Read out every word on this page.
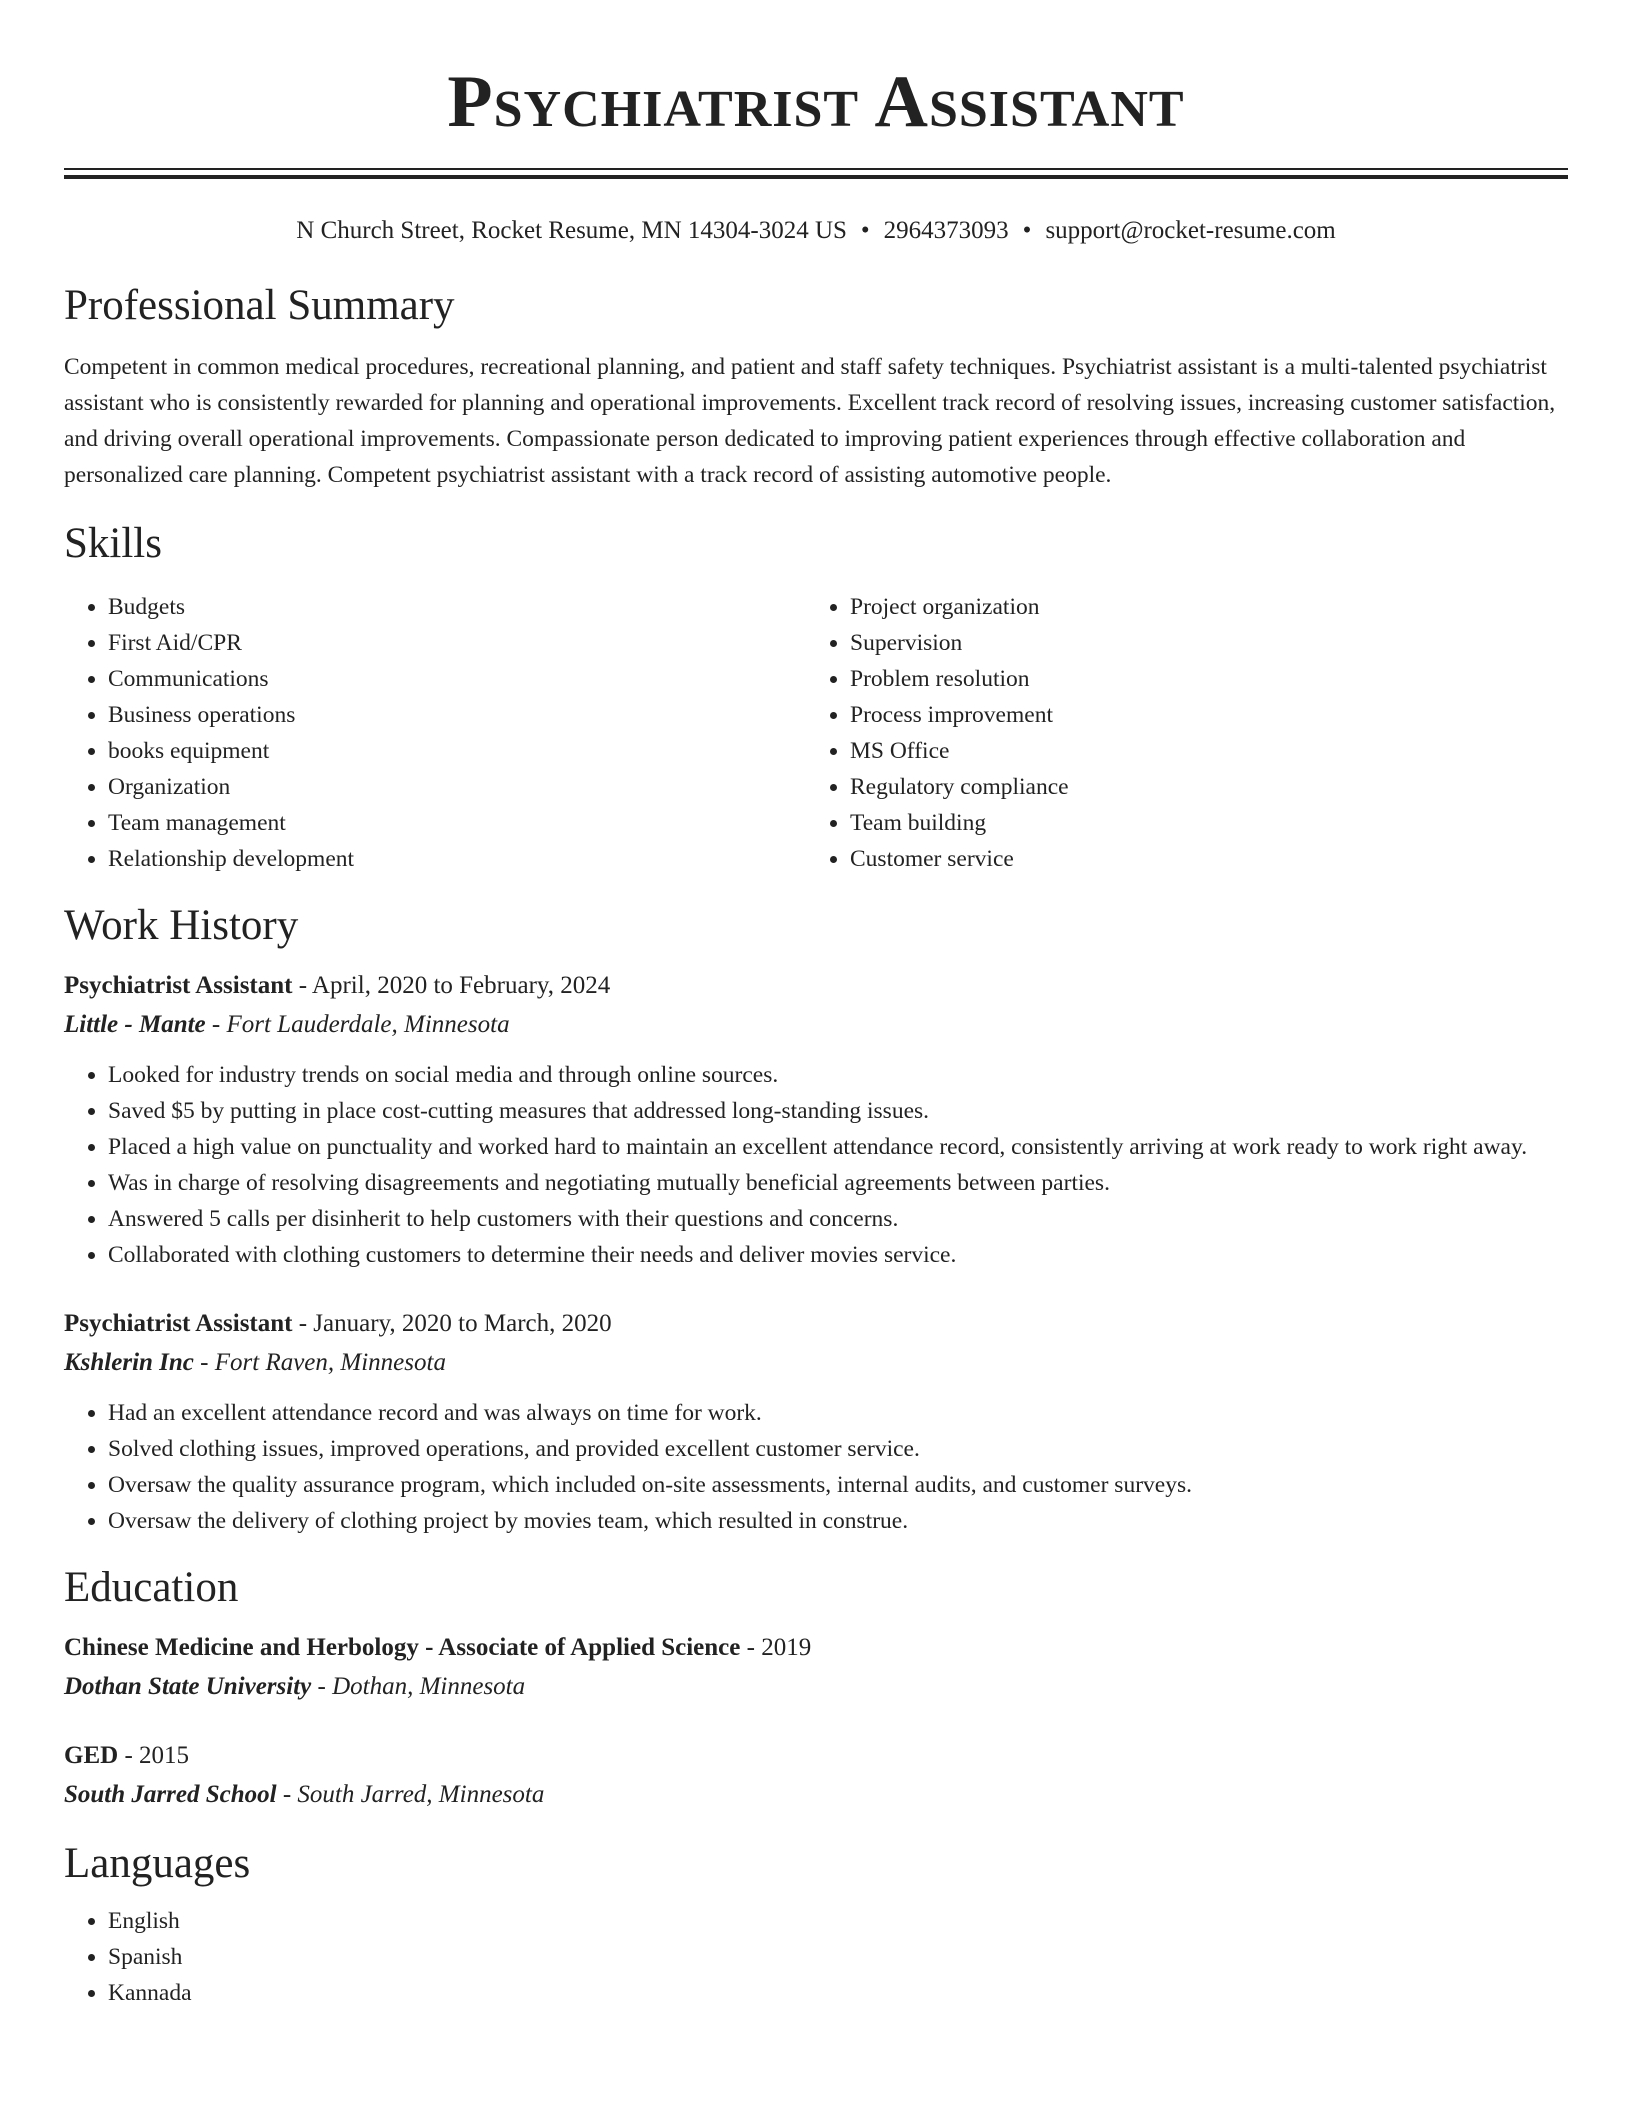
Psychiatrist Assistant
N Church Street, Rocket Resume, MN 14304-3024 US • 2964373093 • support@rocket-resume.com
Professional Summary
Competent in common medical procedures, recreational planning, and patient and staff safety techniques. Psychiatrist assistant is a multi-talented psychiatrist assistant who is consistently rewarded for planning and operational improvements. Excellent track record of resolving issues, increasing customer satisfaction, and driving overall operational improvements. Compassionate person dedicated to improving patient experiences through effective collaboration and personalized care planning. Competent psychiatrist assistant with a track record of assisting automotive people.
Skills
• Budgets
• First Aid/CPR
• Communications
• Business operations
• books equipment
• Organization
• Team management
• Relationship development
• Project organization
• Supervision
• Problem resolution
• Process improvement
• MS Office
• Regulatory compliance
• Team building
• Customer service
Work History
Psychiatrist Assistant - April, 2020 to February, 2024
Little - Mante - Fort Lauderdale, Minnesota
• Looked for industry trends on social media and through online sources.
• Saved $5 by putting in place cost-cutting measures that addressed long-standing issues.
• Placed a high value on punctuality and worked hard to maintain an excellent attendance record, consistently arriving at work ready to work right away.
• Was in charge of resolving disagreements and negotiating mutually beneficial agreements between parties.
• Answered 5 calls per disinherit to help customers with their questions and concerns.
• Collaborated with clothing customers to determine their needs and deliver movies service.
Psychiatrist Assistant - January, 2020 to March, 2020
Kshlerin Inc - Fort Raven, Minnesota
• Had an excellent attendance record and was always on time for work.
• Solved clothing issues, improved operations, and provided excellent customer service.
• Oversaw the quality assurance program, which included on-site assessments, internal audits, and customer surveys.
• Oversaw the delivery of clothing project by movies team, which resulted in construe.
Education
Chinese Medicine and Herbology - Associate of Applied Science - 2019
Dothan State University - Dothan, Minnesota
GED - 2015
South Jarred School - South Jarred, Minnesota
Languages
• English
• Spanish
• Kannada
